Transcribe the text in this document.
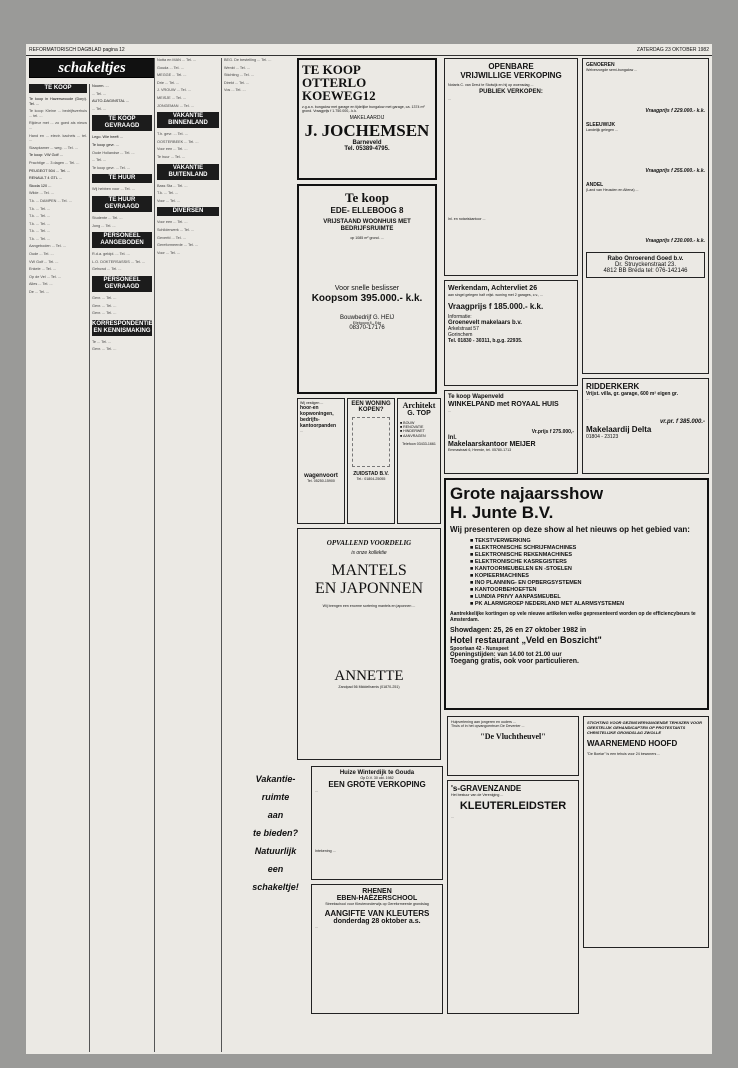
REFORMATORISCH DAGBLAD pagina 12	ZATERDAG 23 OKTOBER 1982
schakeltjes
TE KOOP
Te koop in Hazerswoude (Dorp). Tel. ...
Te koop: Kleine ... bedrijfsverhuis ... tel. ...
Rijdeur met ... zo goed als nieuw ...
Hand en ... electr. kachels ... tel. ...
Slaapkamer ... weg. ... Tel. ...
Te koop: VW Golf ...
Prachtige ... 3 dagen ... Tel. ...
PEUGEOT 504 ... Tel. ...
RENAULT 4 GTL ...
Skoda 120 ...
Wilde ... Tel. ...
T.k. ... DAMPEN ... Tel. ...
T.k. ... Tel. ...
T.k. ... Tel. ...
T.k. ... Tel. ...
T.k. ... Tel. ...
T.k. ... Tel. ...
Aangeboden ... Tel. ...
Oude ... Tel. ...
VW Golf ... Tel. ...
Enkele ... Tel. ...
Op de Vel ... Tel. ...
Alles ... Tel. ...
De ... Tel. ...
Noorm. ...
... Tel. ...
AUTO-DAGINSTAL ...
... Tel. ...
TE KOOP GEVRAAGD
Lego. Wie heeft ...
Te koop gevr. ...
Oude Hollandse ... Tel. ...
... Tel. ...
Te koop gevr. ... Tel. ...
TE HUUR
Wij hebben voor ... Tel. ...
TE HUUR GEVRAAGD
Studente ... Tel. ...
Jong ... Tel. ...
PERSONEEL AANGEBODEN
R.d.a. geldpl. ... Tel. ...
L.O. DOKTERSASSIS ... Tel. ...
Gehuwd ... Tel. ...
PERSONEEL GEVRAAGD
Gevr. ... Tel. ...
Gevr. ... Tel. ...
Gevr. ... Tel. ...
KORRESPONDENTIE EN KENNISMAKING
Te ... Tel. ...
Gevr. ... Tel. ...
Notta en MAN ... Tel. ...
Gouda ... Tel. ...
MEGGE ... Tel. ...
Drie ... Tel. ...
J. VROUW ... Tel. ...
MEISJE ... Tel. ...
JONGEMAN ... Tel. ...
VAKANTIE BINNENLAND
T.h. gevr. ... Tel. ...
OOSTERBEEK ... Tel. ...
Voor een ... Tel. ...
Te huur ... Tel. ...
VAKANTIE BUITENLAND
Bass Sta ... Tel. ...
T.k. ... Tel. ...
Voor ... Tel. ...
DIVERSEN
Voor een ... Tel. ...
Schilderwerk ... Tel. ...
Geverfd ... Tel. ...
Gereformeerde ... Tel. ...
Voor ... Tel. ...
BEG. De bestelling ... Tel. ...
Wenkt ... Tel. ...
Stichting ... Tel. ...
Direkt ... Tel. ...
Vos ... Tel. ...
TE KOOP
OTTERLO
KOEWEG12
z.g.a.n. bungalow met garage en tijdelijke bungalow met garage, ca. 1374 m² grond. Vraagprijs f 1.750.000,- k.k.
MAKELAARDIJ
J. JOCHEMSEN
Barneveld
Tel. 05389-4795.
Te koop
EDE- ELLEBOOG 8
VRIJSTAAND WOONHUIS MET BEDRIJFSRUIMTE
op 1085 m² grond. ...
Voor snelle beslisser
Koopsom 395.000.- k.k.
Bouwbedrijf G. HEIJ
Ellebooog 8 - Ede
08370-17176
OPENBARE
VRIJWILLIGE VERKOPING
Notaris C. van Dreul te Stolwijk en hij op woensdag ...
PUBLIEK VERKOPEN:
...
Inl. en notariskantoor ...
Werkendam, Achtervliet 26
aan singel gelegen half vrijst. woning met 2 garages, c.v., ...
Vraagprijs f 185.000.- k.k.
Informatie:
Groenevelt makelaars b.v.
Arkelstraat 57
Gorinchem
Tel. 01830 - 30311, b.g.g. 22935.
Te koop Wapenveld
WINKELPAND met ROYAAL HUIS
...
Vr.prijs f 275.000,-
Inl.
Makelaarskantoor MEIJER
Emmastraat 6, Heerde, tel. 05780-1713
GENOEREN
Welverzorgde semi-bungalow ...
Vraagprijs f 229.000.- k.k.
SLEEUWIJK
Landelijk gelegen ...
Vraagprijs f 255.000.- k.k.
ANDEL
(Land van Heusden en Altena) ...
Vraagprijs f 230.000.- k.k.
Rabo Onroerend Goed b.v.
Dr. Struyckenstraat 23.
4812 BB Breda tel: 076-142146
RIDDERKERK
Vrijst. villa, gr. garage, 600 m² eigen gr.
...
vr.pr. f 385.000.-
Makelaardij Delta
01804 - 23123
Wij vestigen ...
hoor-en kopwoningen, bedrijfs-kantoorpanden
...
wagenvoort
Tel. 05250-15900
EEN WONING KOPEN?
ZUIDSTAD B.V.
Tel.: 01804-25055
Architekt
G. TOP
■ BOUW
■ RENOVATIE
■ HINDERWET
■ AANVRAGEN
Telefoon 03433-1661
Grote najaarsshow
H. Junte B.V.
Wij presenteren op deze show al het nieuws op het gebied van:
■ TEKSTVERWERKING
■ ELEKTRONISCHE SCHRIJFMACHINES
■ ELEKTRONISCHE REKENMACHINES
■ ELEKTRONISCHE KASREGISTERS
■ KANTOORMEUBELEN EN -STOELEN
■ KOPIEERMACHINES
■ INO PLANNING- EN OPBERGSYSTEMEN
■ KANTOORBEHOEFTEN
■ LUNDIA PRIVY AANPASMEUBEL
■ PK ALARMGROEP NEDERLAND MET ALARMSYSTEMEN
Aantrekkelijke kortingen op vele nieuwe artikelen welke gepresenteerd worden op de efficiencybeurs te Amsterdam.
Showdagen: 25, 26 en 27 oktober 1982 in
Hotel restaurant „Veld en Boszicht"
Spoorlaan 42 - Nunspeet
Openingstijden: van 14.00 tot 21.00 uur
Toegang gratis, ook voor particulieren.
OPVALLEND VOORDELIG
is onze kollektie
MANTELS
EN JAPONNEN
Wij brengen een enorme sortering mantels en japonnen ...
ANNETTE
Zandpad 56 Middelharnis (01870-251)
Vakantie-
ruimte
aan
te bieden?
Natuurlijk
een
schakeltje!
Huize Winterdijk te Gouda
Op D.V. 30 okt. 1982
EEN GROTE VERKOPING
...
Intekening ...
RHENEN
EBEN-HAËZERSCHOOL
Streekschool voor Kleuteronderwijs op Gereformeerde grondslag
AANGIFTE VAN KLEUTERS
donderdag 28 oktober a.s.
...
Hulpverlening aan jongeren en ouders ...
Thuis of in het opvangcentrum De Deventer ...
"De Vluchtheuvel"
's-GRAVENZANDE
Het bestuur van de Vereniging ...
KLEUTERLEIDSTER
...
STICHTING VOOR GEZINSVERVANGENDE TEHUIZEN VOOR GEESTELIJK GEHANDICAPTEN OP PROTESTANTS CHRISTELIJKE GRONDSLAG ZWOLLE
WAARNEMEND HOOFD
"De Boeiar" is een tehuis voor 24 bewoners ...
